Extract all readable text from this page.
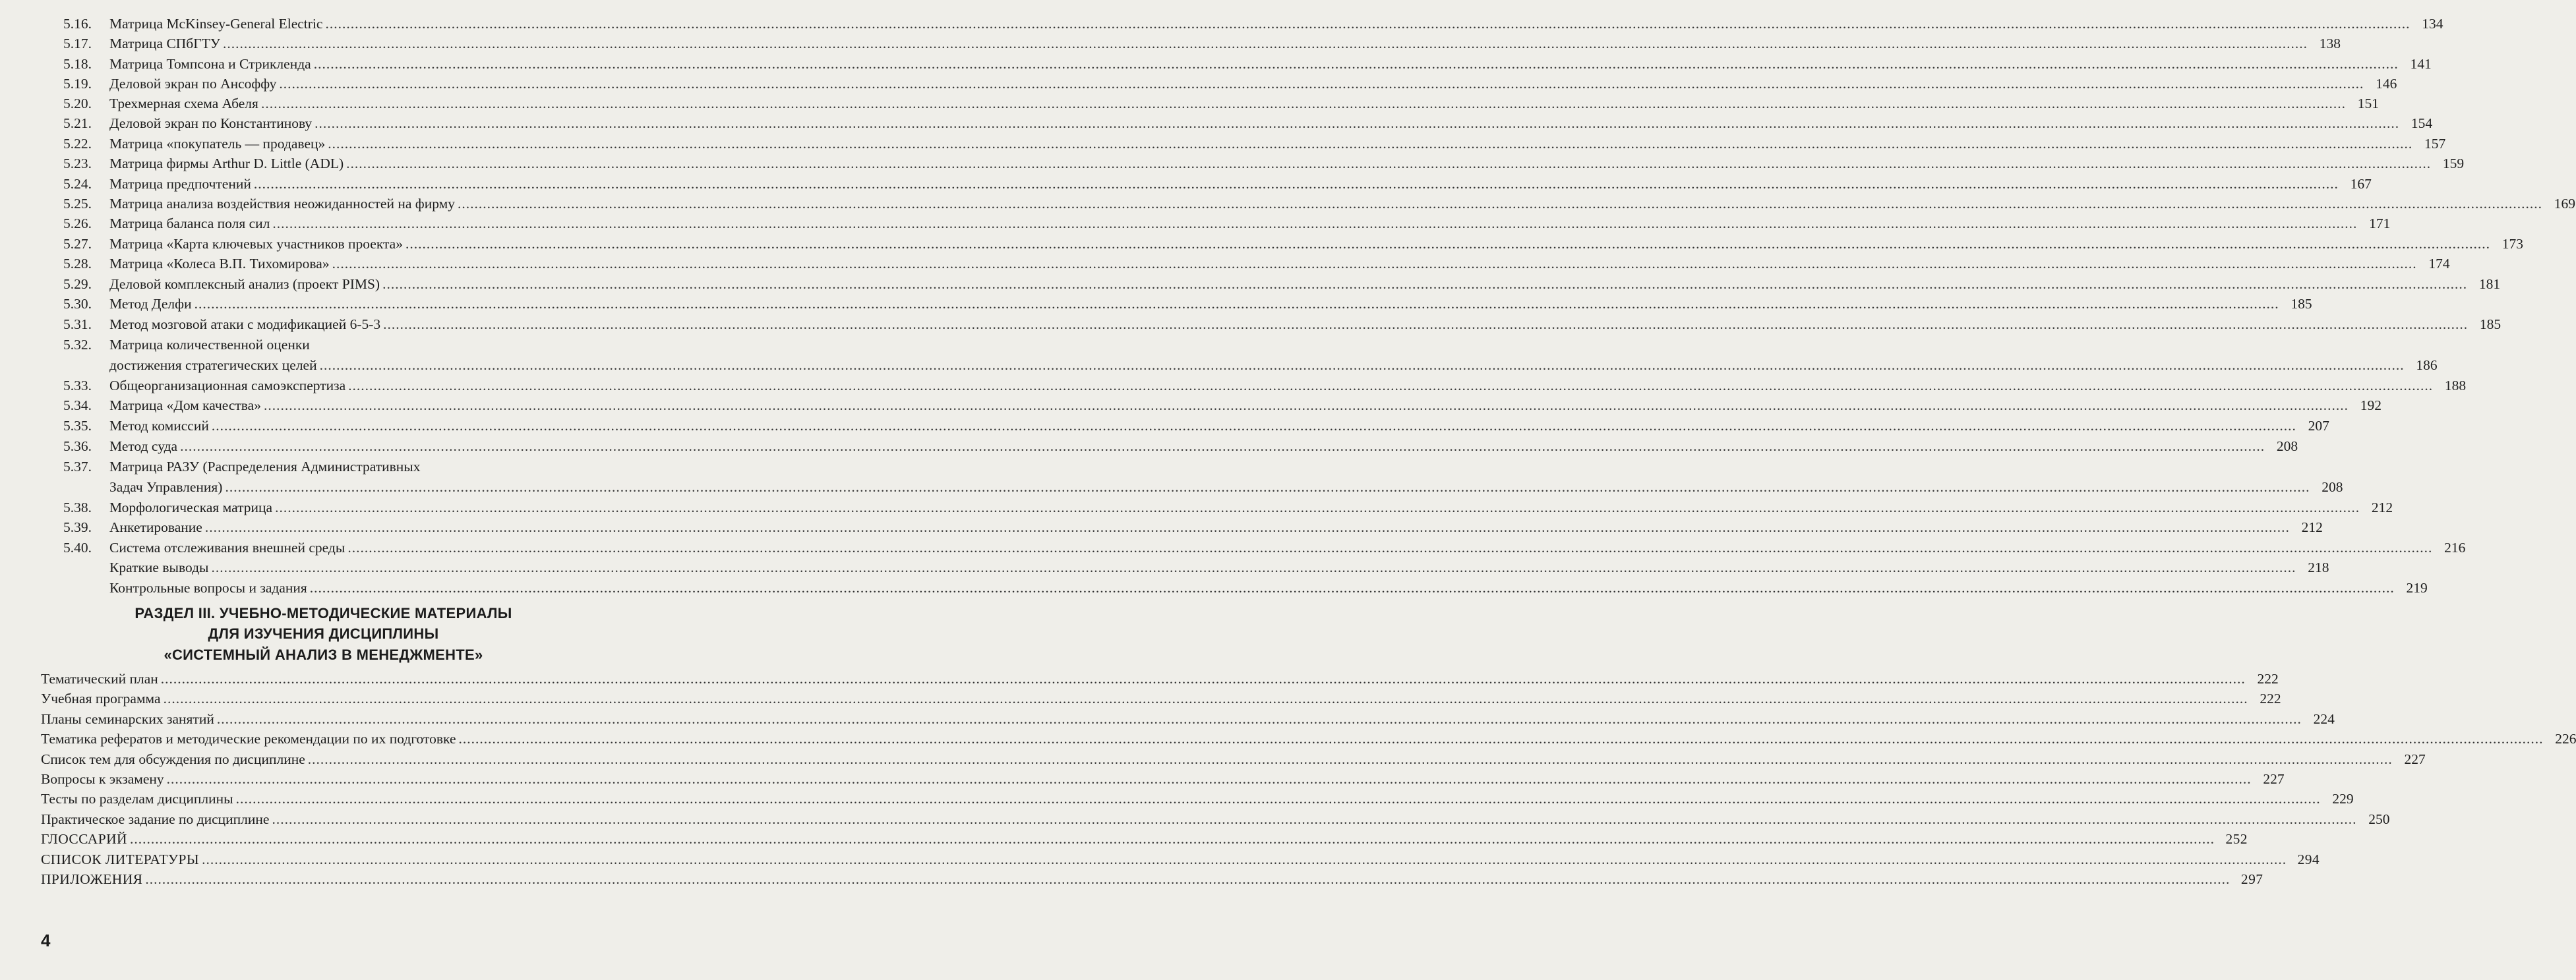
5.16.	Матрица McKinsey-General Electric .....	134
5.17.	Матрица СПбГТУ .....	138
5.18.	Матрица Томпсона и Стрикленда .....	141
5.19.	Деловой экран по Ансоффу .....	146
5.20.	Трехмерная схема Абеля .....	151
5.21.	Деловой экран по Константинову .....	154
5.22.	Матрица «покупатель — продавец» .....	157
5.23.	Матрица фирмы Arthur D. Little (ADL) .....	159
5.24.	Матрица предпочтений .....	167
5.25.	Матрица анализа воздействия неожиданностей на фирму .....	169
5.26.	Матрица баланса поля сил .....	171
5.27.	Матрица «Карта ключевых участников проекта» .....	173
5.28.	Матрица «Колеса В.П. Тихомирова» .....	174
5.29.	Деловой комплексный анализ (проект PIMS) .....	181
5.30.	Метод Делфи .....	185
5.31.	Метод мозговой атаки с модификацией 6-5-3 .....	185
5.32. Матрица количественной оценки
достижения стратегических целей .....	186
5.33.	Общеорганизационная самоэкспертиза .....	188
5.34.	Матрица «Дом качества» .....	192
5.35.	Метод комиссий .....	207
5.36.	Метод суда .....	208
5.37. Матрица РАЗУ (Распределения Административных
Задач Управления) .....	208
5.38.	Морфологическая матрица .....	212
5.39.	Анкетирование .....	212
5.40.	Система отслеживания внешней среды .....	216
Краткие выводы .....	218
Контрольные вопросы и задания .....	219
РАЗДЕЛ III. УЧЕБНО-МЕТОДИЧЕСКИЕ МАТЕРИАЛЫ
ДЛЯ ИЗУЧЕНИЯ ДИСЦИПЛИНЫ
«СИСТЕМНЫЙ АНАЛИЗ В МЕНЕДЖМЕНТЕ»
Тематический план .....	222
Учебная программа .....	222
Планы семинарских занятий .....	224
Тематика рефератов и методические рекомендации по их подготовке .....	226
Список тем для обсуждения по дисциплине .....	227
Вопросы к экзамену .....	227
Тесты по разделам дисциплины .....	229
Практическое задание по дисциплине .....	250
ГЛОССАРИЙ .....	252
СПИСОК ЛИТЕРАТУРЫ .....	294
ПРИЛОЖЕНИЯ .....	297
4
